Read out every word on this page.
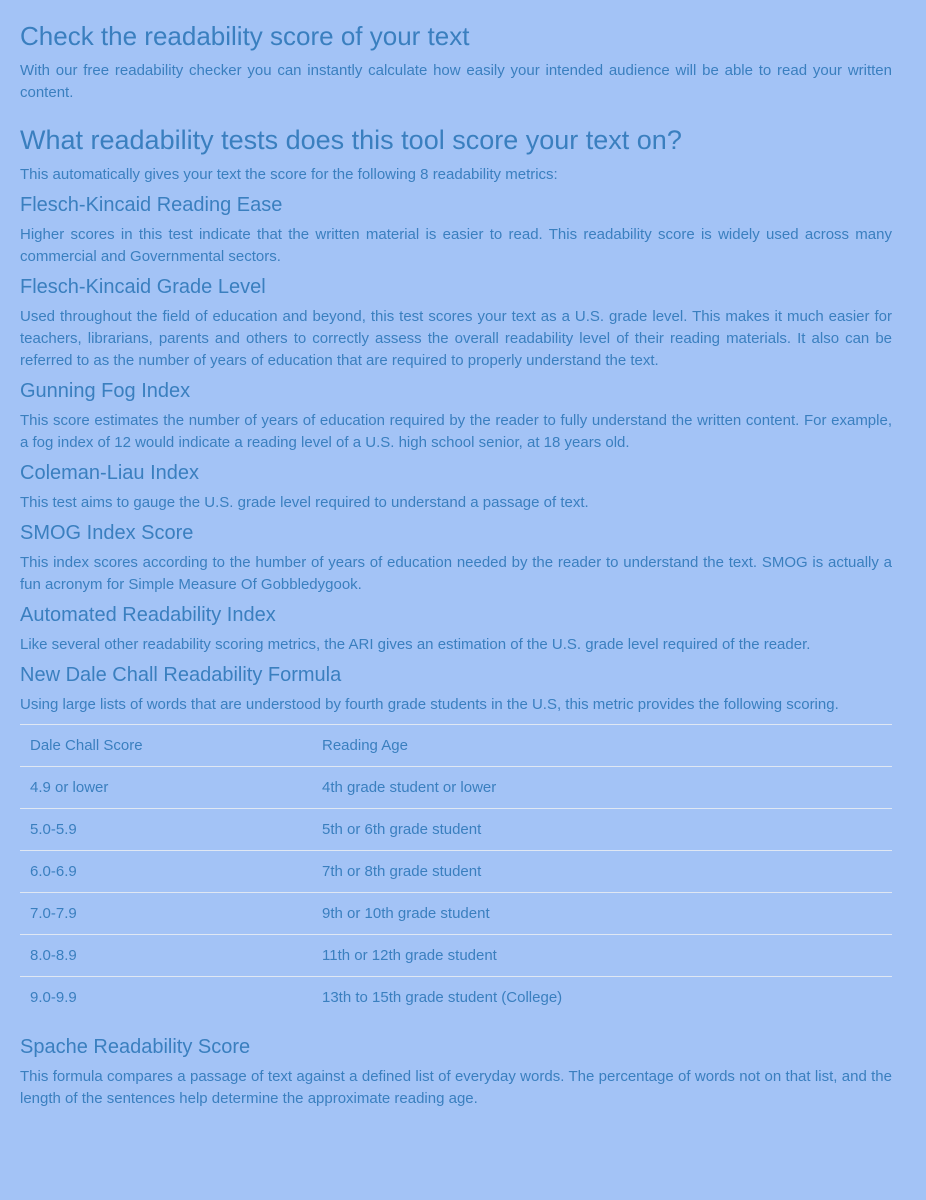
Check the readability score of your text

With our free readability checker you can instantly calculate how easily your intended audience will be able to read your written content.

What readability tests does this tool score your text on?

This automatically gives your text the score for the following 8 readability metrics:

Flesch-Kincaid Reading Ease

Higher scores in this test indicate that the written material is easier to read. This readability score is widely used across many commercial and Governmental sectors.

Flesch-Kincaid Grade Level

Used throughout the field of education and beyond, this test scores your text as a U.S. grade level. This makes it much easier for teachers, librarians, parents and others to correctly assess the overall readability level of their reading materials. It also can be referred to as the number of years of education that are required to properly understand the text.

Gunning Fog Index

This score estimates the number of years of education required by the reader to fully understand the written content. For example, a fog index of 12 would indicate a reading level of a U.S. high school senior, at 18 years old.

Coleman-Liau Index

This test aims to gauge the U.S. grade level required to understand a passage of text.

SMOG Index Score

This index scores according to the humber of years of education needed by the reader to understand the text. SMOG is actually a fun acronym for Simple Measure Of Gobbledygook.

Automated Readability Index

Like several other readability scoring metrics, the ARI gives an estimation of the U.S. grade level required of the reader.

New Dale Chall Readability Formula

Using large lists of words that are understood by fourth grade students in the U.S, this metric provides the following scoring.

Dale Chall Score	Reading Age
4.9 or lower	4th grade student or lower
5.0-5.9	5th or 6th grade student
6.0-6.9	7th or 8th grade student
7.0-7.9	9th or 10th grade student
8.0-8.9	11th or 12th grade student
9.0-9.9	13th to 15th grade student (College)
Spache Readability Score

This formula compares a passage of text against a defined list of everyday words. The percentage of words not on that list, and the length of the sentences help determine the approximate reading age.
